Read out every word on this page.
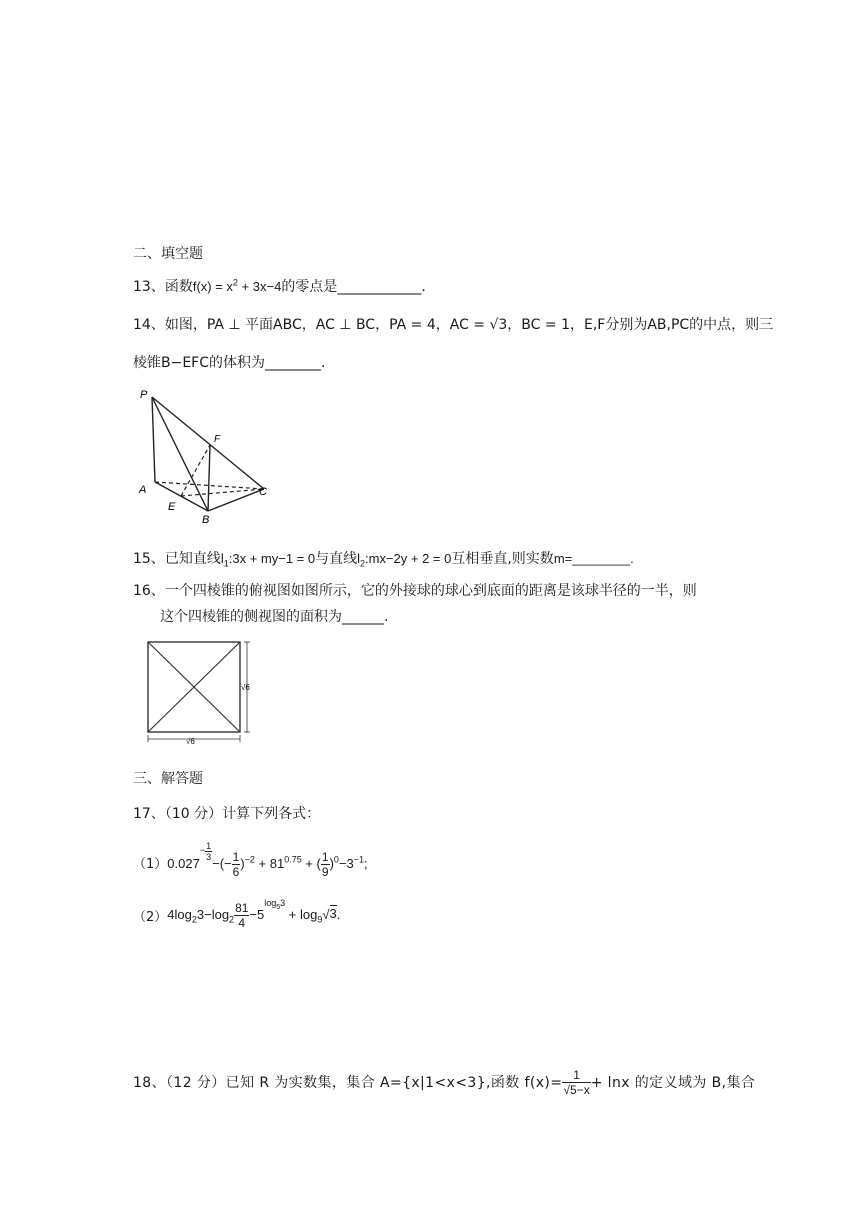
二、填空题
13、函数$f(x) = x^2 + 3x-4$的零点是____________.
14、如图，PA ⊥ 平面ABC，AC ⊥ BC，PA = 4，AC = √3，BC = 1，E,F分别为AB,PC的中点，则三
棱锥B−EFC的体积为________.
P
F
A
E
B
C
15、已知直线$l_1:3x + my-1 = 0$与直线$l_2:mx-2y + 2 = 0$互相垂直,则实数m=________.
16、一个四棱锥的俯视图如图所示，它的外接球的球心到底面的距离是该球半径的一半，则
这个四棱锥的侧视图的面积为______.
√6
√6
三、解答题
17、（10 分）计算下列各式：
（1） $0.027^{- \frac{1}{3}}$
−(− $\frac{1}{6} )^{-2} + 81^{0.75}$ + ( $\frac{1}{9} )^0-3^{-1}$;
（2） $4\log_23-\log_2 \frac{81}{4} -5^{log_53} + \log_9√3$.
18、（12 分）已知 R 为实数集，集合 A={x|1<x<3},函数 $f(x)= \frac{1}{√5-x} + \ln x$ 的定义域为 B,集合
